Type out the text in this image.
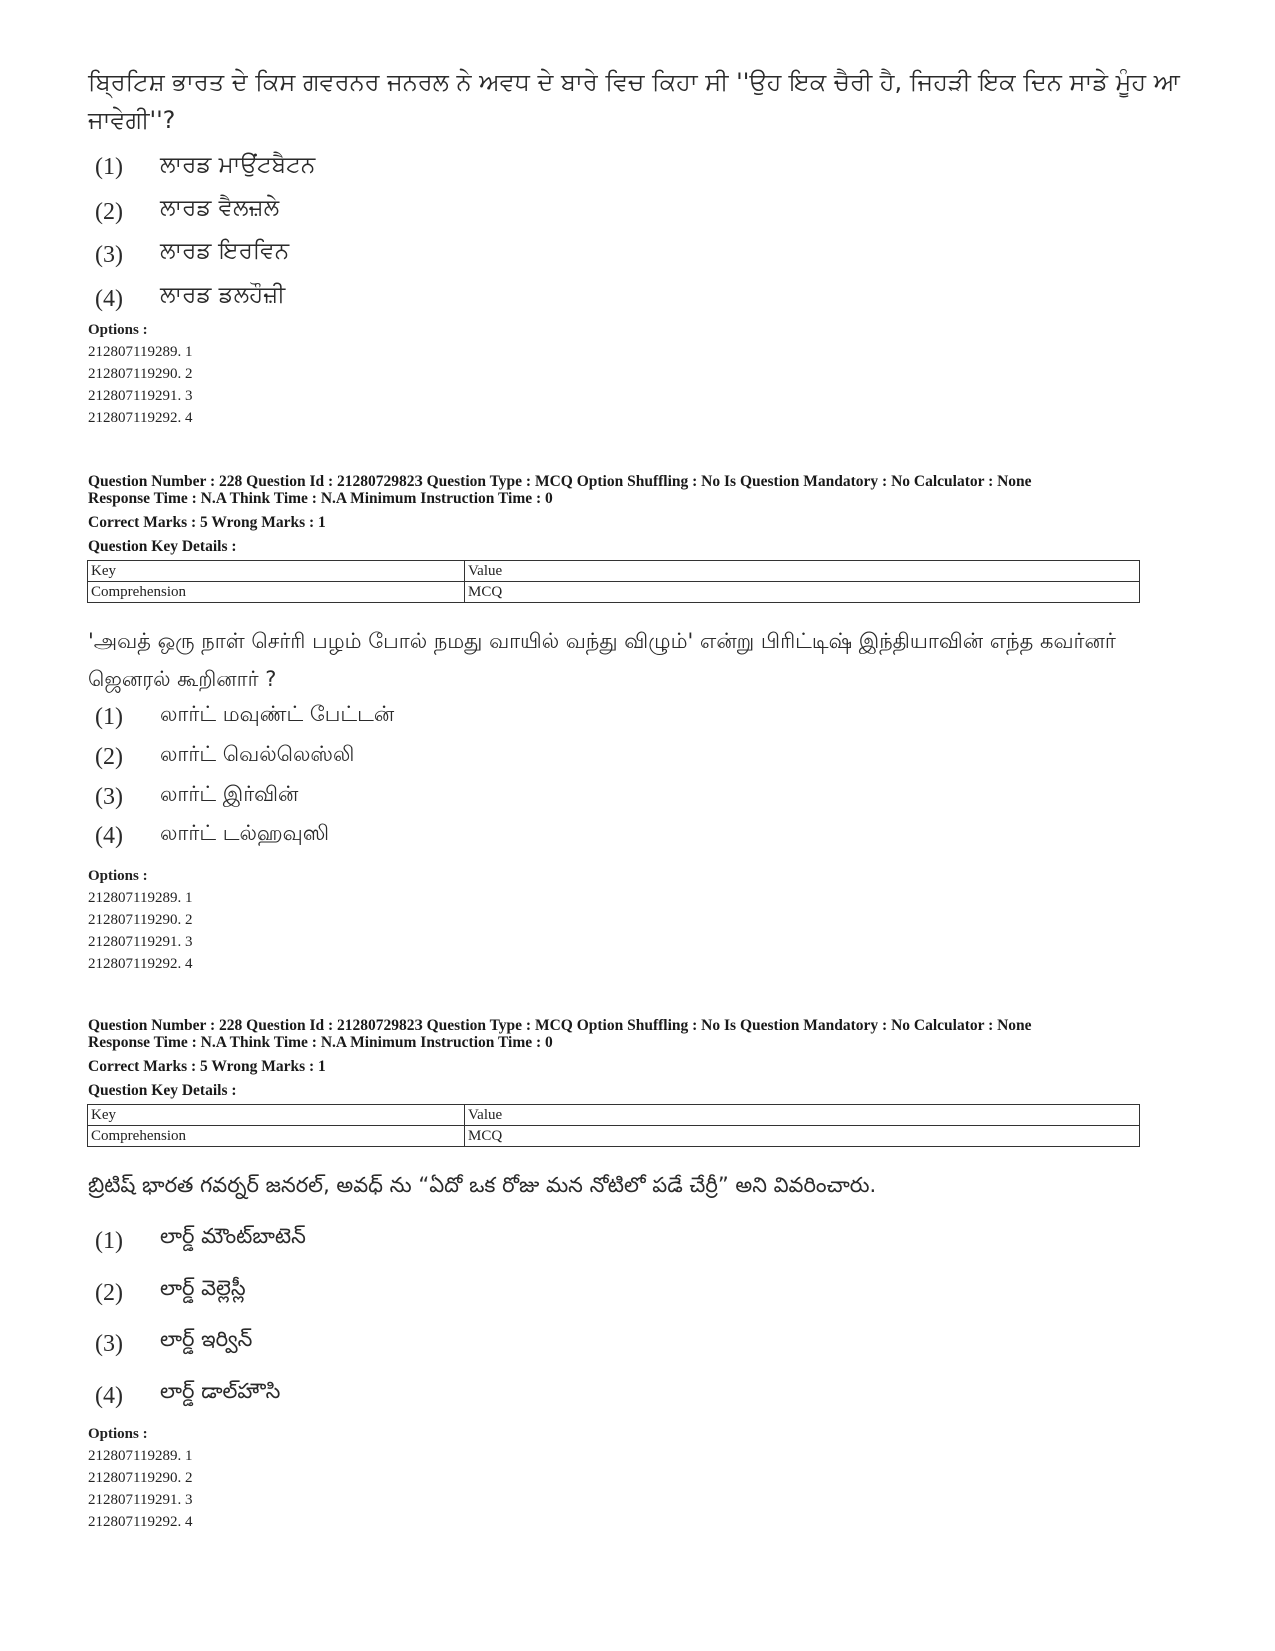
ਬ੍ਰਿਟਿਸ਼ ਭਾਰਤ ਦੇ ਕਿਸ ਗਵਰਨਰ ਜਨਰਲ ਨੇ ਅਵਧ ਦੇ ਬਾਰੇ ਵਿਚ ਕਿਹਾ ਸੀ ''ਉਹ ਇਕ ਚੈਰੀ ਹੈ, ਜਿਹੜੀ ਇਕ ਦਿਨ ਸਾਡੇ ਮੂੰਹ ਆ ਜਾਵੇਗੀ''?
(1) ਲਾਰਡ ਮਾਉਂਟਬੈਟਨ
(2) ਲਾਰਡ ਵੈਲਜ਼ਲੇ
(3) ਲਾਰਡ ਇਰਵਿਨ
(4) ਲਾਰਡ ਡਲਹੌਜ਼ੀ
Options :
212807119289. 1
212807119290. 2
212807119291. 3
212807119292. 4
Question Number : 228 Question Id : 2128072982З Question Type : MCQ Option Shuffling : No Is Question Mandatory : No Calculator : None
Response Time : N.A Think Time : N.A Minimum Instruction Time : 0
Correct Marks : 5 Wrong Marks : 1
Question Key Details :
Key	Value
Comprehension	MCQ
'அவத் ஒரு நாள் செர்ரி பழம் போல் நமது வாயில் வந்து விழும்' என்று பிரிட்டிஷ் இந்தியாவின் எந்த கவர்னர் ஜெனரல் கூறினார் ?
(1) லார்ட் மவுண்ட் பேட்டன்
(2) லார்ட் வெல்லெஸ்லி
(3) லார்ட் இர்வின்
(4) லார்ட் டல்ஹவுஸி
Options :
212807119289. 1
212807119290. 2
212807119291. 3
212807119292. 4
Question Number : 228 Question Id : 2128072982З Question Type : MCQ Option Shuffling : No Is Question Mandatory : No Calculator : None
Response Time : N.A Think Time : N.A Minimum Instruction Time : 0
Correct Marks : 5 Wrong Marks : 1
Question Key Details :
Key	Value
Comprehension	MCQ
బ్రిటిష్ భారత గవర్నర్ జనరల్, అవధ్ ను “ఏదో ఒక రోజు మన నోటిలో పడే చేర్రీ” అని వివరించారు.
(1) లార్డ్ మౌంట్‌బాటెన్
(2) లార్డ్ వెల్లెస్లీ
(3) లార్డ్ ఇర్విన్
(4) లార్డ్ డాల్‌హౌసి
Options :
212807119289. 1
212807119290. 2
212807119291. 3
212807119292. 4
